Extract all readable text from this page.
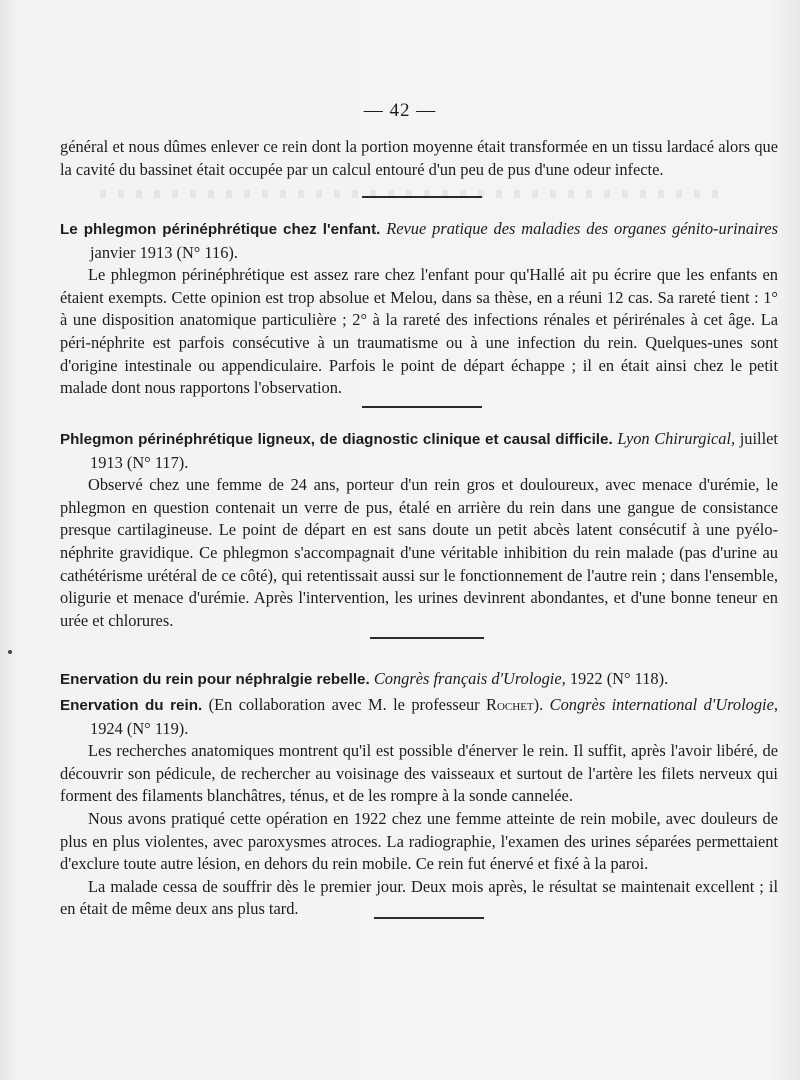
— 42 —

général et nous dûmes enlever ce rein dont la portion moyenne était transformée en un tissu lardacé alors que la cavité du bassinet était occupée par un calcul entouré d'un peu de pus d'une odeur infecte.

Le phlegmon périnéphrétique chez l'enfant. Revue pratique des maladies des organes génito-urinaires janvier 1913 (N° 116).

Le phlegmon périnéphrétique est assez rare chez l'enfant pour qu'Hallé ait pu écrire que les enfants en étaient exempts. Cette opinion est trop absolue et Melou, dans sa thèse, en a réuni 12 cas. Sa rareté tient : 1° à une disposition anatomique particulière ; 2° à la rareté des infections rénales et périrénales à cet âge. La péri-néphrite est parfois consécutive à un traumatisme ou à une infection du rein. Quelques-unes sont d'origine intestinale ou appendiculaire. Parfois le point de départ échappe ; il en était ainsi chez le petit malade dont nous rapportons l'observation.

Phlegmon périnéphrétique ligneux, de diagnostic clinique et causal difficile. Lyon Chirurgical, juillet 1913 (N° 117).

Observé chez une femme de 24 ans, porteur d'un rein gros et douloureux, avec menace d'urémie, le phlegmon en question contenait un verre de pus, étalé en arrière du rein dans une gangue de consistance presque cartilagineuse. Le point de départ en est sans doute un petit abcès latent consécutif à une pyélo-néphrite gravidique. Ce phlegmon s'accompagnait d'une véritable inhibition du rein malade (pas d'urine au cathétérisme urétéral de ce côté), qui retentissait aussi sur le fonctionnement de l'autre rein ; dans l'ensemble, oligurie et menace d'urémie. Après l'intervention, les urines devinrent abondantes, et d'une bonne teneur en urée et chlorures.

Enervation du rein pour néphralgie rebelle. Congrès français d'Urologie, 1922 (N° 118).

Enervation du rein. (En collaboration avec M. le professeur Rochet). Congrès international d'Urologie, 1924 (N° 119).

Les recherches anatomiques montrent qu'il est possible d'énerver le rein. Il suffit, après l'avoir libéré, de découvrir son pédicule, de rechercher au voisinage des vaisseaux et surtout de l'artère les filets nerveux qui forment des filaments blanchâtres, ténus, et de les rompre à la sonde cannelée.

Nous avons pratiqué cette opération en 1922 chez une femme atteinte de rein mobile, avec douleurs de plus en plus violentes, avec paroxysmes atroces. La radiographie, l'examen des urines séparées permettaient d'exclure toute autre lésion, en dehors du rein mobile. Ce rein fut énervé et fixé à la paroi.

La malade cessa de souffrir dès le premier jour. Deux mois après, le résultat se maintenait excellent ; il en était de même deux ans plus tard.
